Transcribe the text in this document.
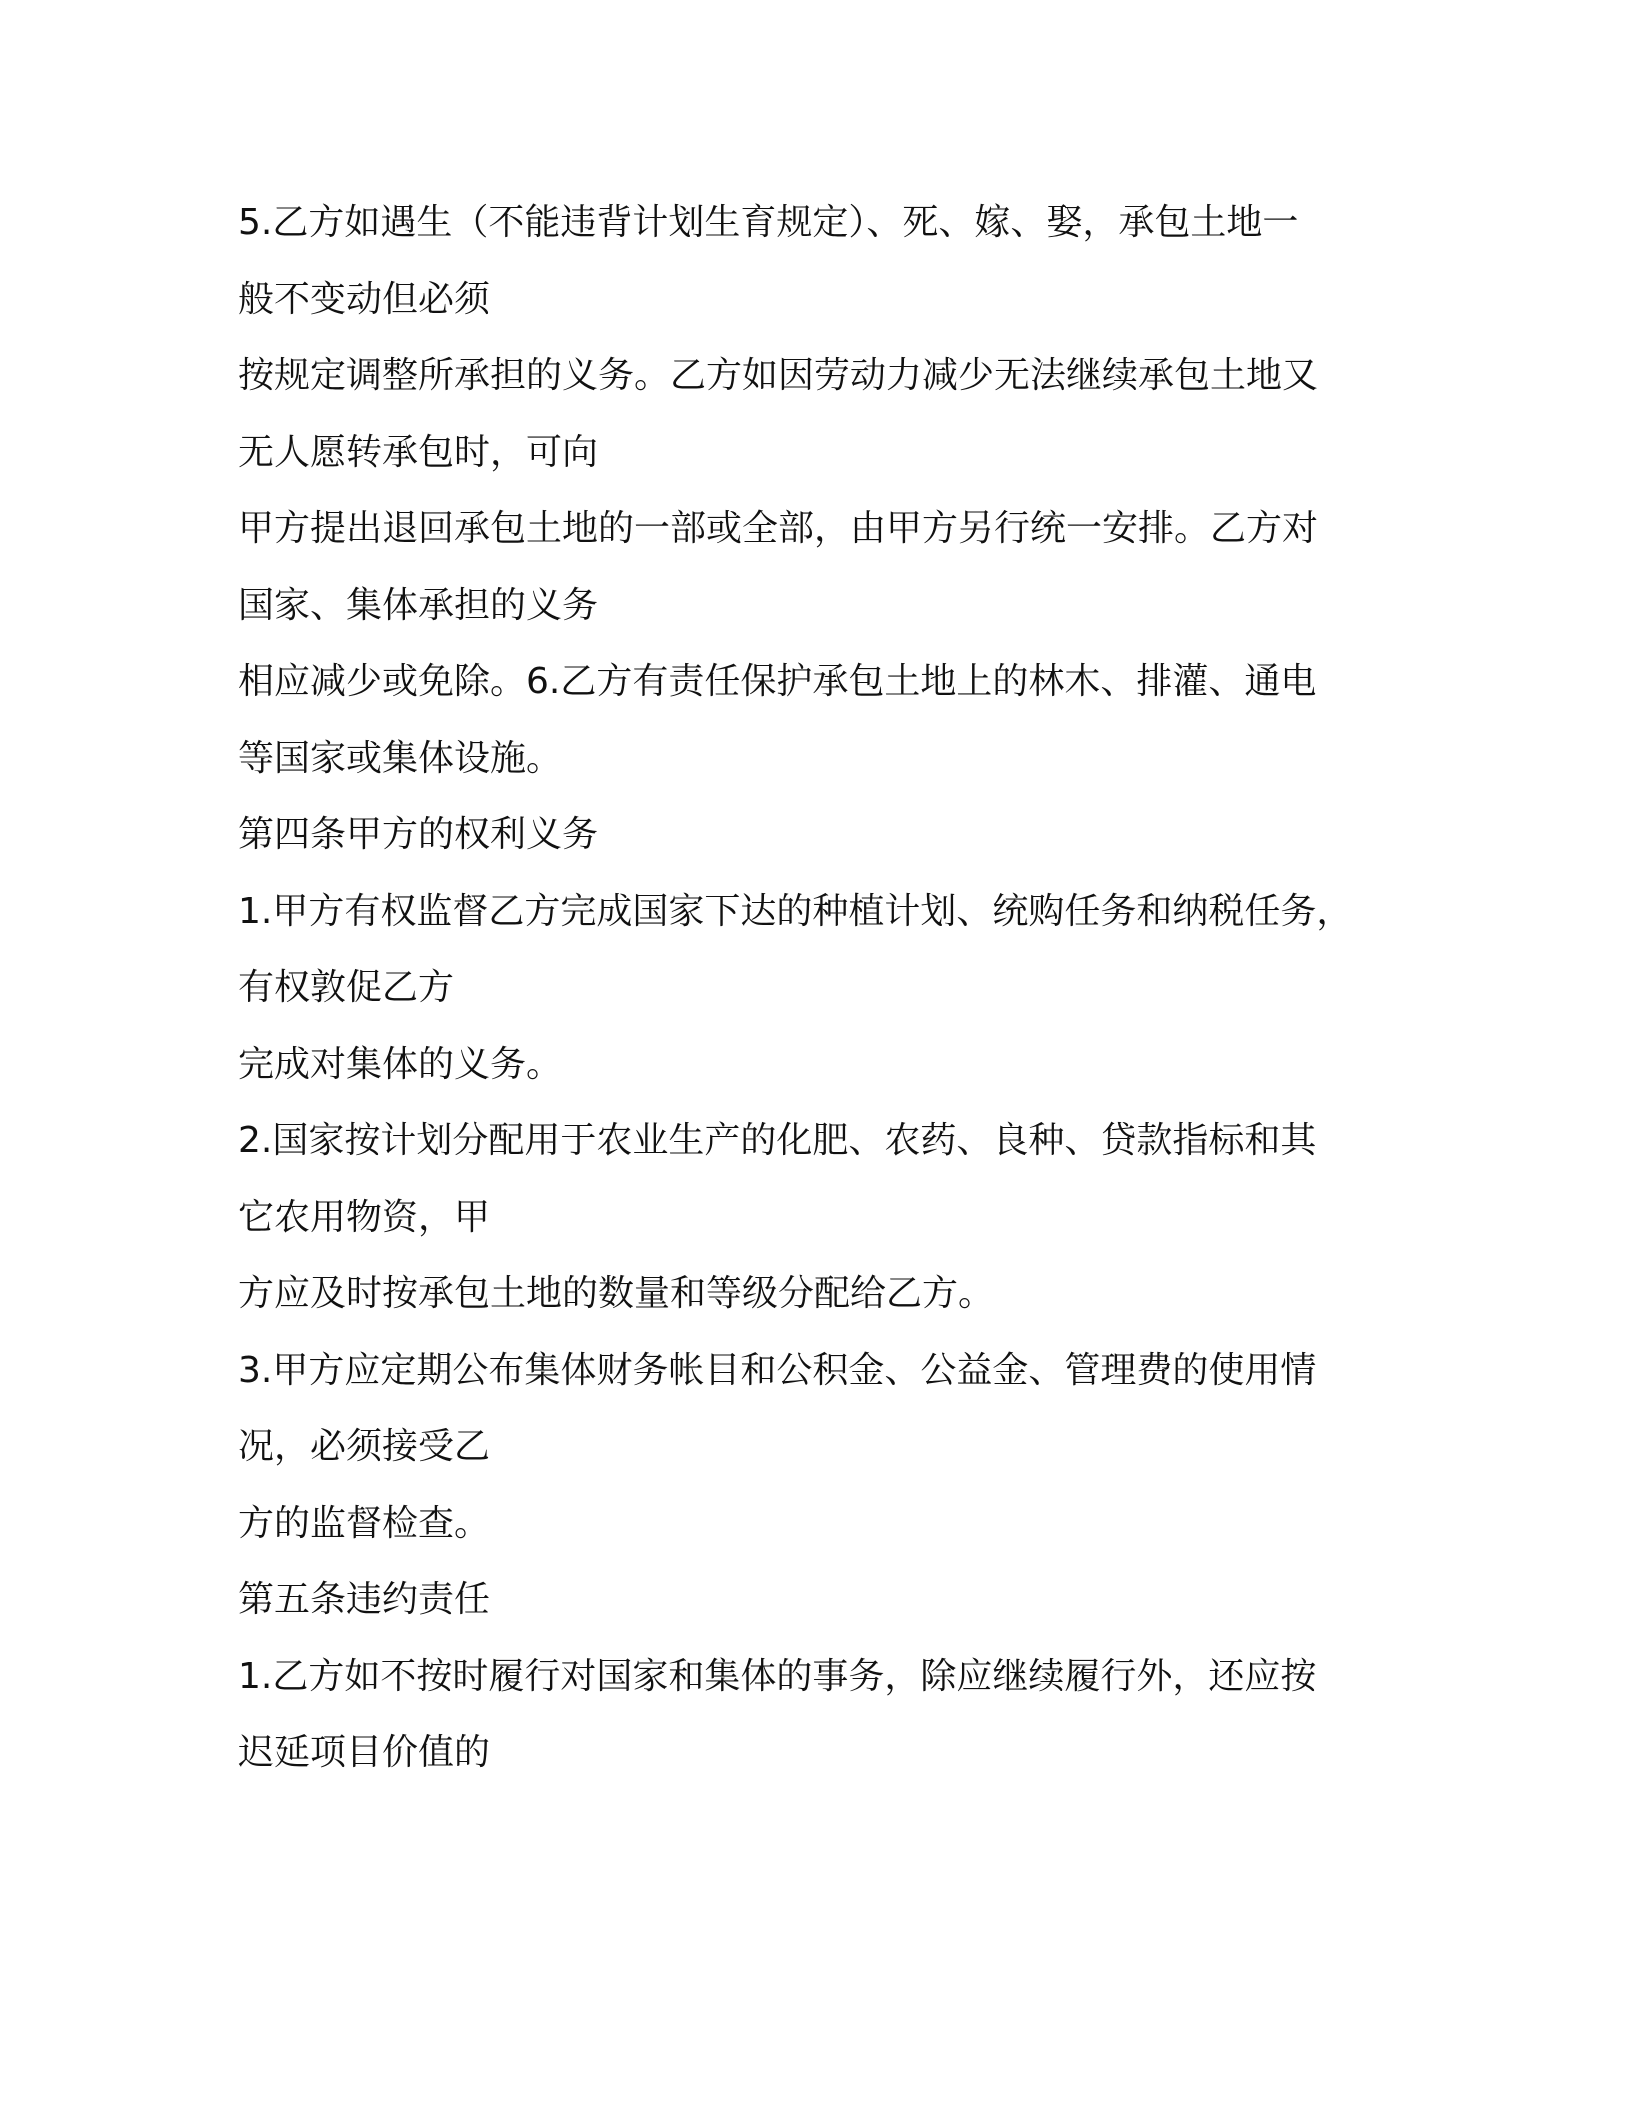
5.乙方如遇生（不能违背计划生育规定）、死、嫁、娶，承包土地一
般不变动但必须
按规定调整所承担的义务。乙方如因劳动力减少无法继续承包土地又
无人愿转承包时，可向
甲方提出退回承包土地的一部或全部，由甲方另行统一安排。乙方对
国家、集体承担的义务
相应减少或免除。6.乙方有责任保护承包土地上的林木、排灌、通电
等国家或集体设施。
第四条甲方的权利义务
1.甲方有权监督乙方完成国家下达的种植计划、统购任务和纳税任务，
有权敦促乙方
完成对集体的义务。
2.国家按计划分配用于农业生产的化肥、农药、良种、贷款指标和其
它农用物资，甲
方应及时按承包土地的数量和等级分配给乙方。
3.甲方应定期公布集体财务帐目和公积金、公益金、管理费的使用情
况，必须接受乙
方的监督检查。
第五条违约责任
1.乙方如不按时履行对国家和集体的事务，除应继续履行外，还应按
迟延项目价值的
